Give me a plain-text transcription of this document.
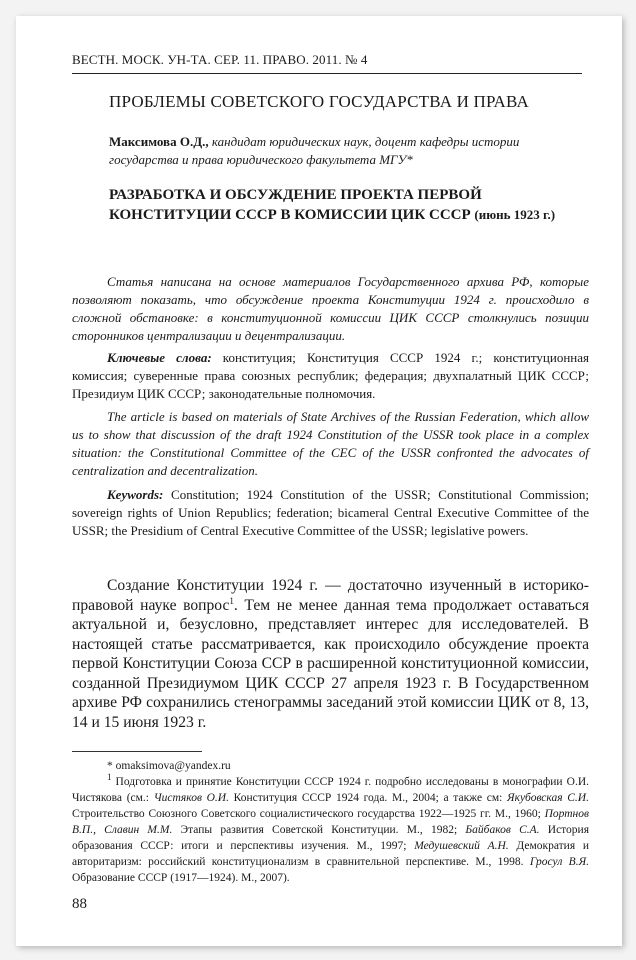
ВЕСТН. МОСК. УН-ТА. СЕР. 11. ПРАВО. 2011. № 4
ПРОБЛЕМЫ СОВЕТСКОГО ГОСУДАРСТВА И ПРАВА
Максимова О.Д., кандидат юридических наук, доцент кафедры истории государства и права юридического факультета МГУ*
РАЗРАБОТКА И ОБСУЖДЕНИЕ ПРОЕКТА ПЕРВОЙ КОНСТИТУЦИИ СССР В КОМИССИИ ЦИК СССР (июнь 1923 г.)
Статья написана на основе материалов Государственного архива РФ, которые позволяют показать, что обсуждение проекта Конституции 1924 г. происходило в сложной обстановке: в конституционной комиссии ЦИК СССР столкнулись позиции сторонников централизации и децентрализации.
Ключевые слова: конституция; Конституция СССР 1924 г.; конституционная комиссия; суверенные права союзных республик; федерация; двухпалатный ЦИК СССР; Президиум ЦИК СССР; законодательные полномочия.
The article is based on materials of State Archives of the Russian Federation, which allow us to show that discussion of the draft 1924 Constitution of the USSR took place in a complex situation: the Constitutional Committee of the CEC of the USSR confronted the advocates of centralization and decentralization.
Keywords: Constitution; 1924 Constitution of the USSR; Constitutional Commission; sovereign rights of Union Republics; federation; bicameral Central Executive Committee of the USSR; the Presidium of Central Executive Committee of the USSR; legislative powers.
Создание Конституции 1924 г. — достаточно изученный в историко-правовой науке вопрос$^1$. Тем не менее данная тема продолжает оставаться актуальной и, безусловно, представляет интерес для исследователей. В настоящей статье рассматривается, как происходило обсуждение проекта первой Конституции Союза ССР в расширенной конституционной комиссии, созданной Президиумом ЦИК СССР 27 апреля 1923 г. В Государственном архиве РФ сохранились стенограммы заседаний этой комиссии ЦИК от 8, 13, 14 и 15 июня 1923 г.

* omaksimova@yandex.ru

$^1$ Подготовка и принятие Конституции СССР 1924 г. подробно исследованы в монографии О.И. Чистякова (см.: Чистяков О.И. Конституция СССР 1924 года. М., 2004; а также см: Якубовская С.И. Строительство Союзного Советского социалистического государства 1922—1925 гг. М., 1960; Портнов В.П., Славин М.М. Этапы развития Советской Конституции. М., 1982; Байбаков С.А. История образования СССР: итоги и перспективы изучения. М., 1997; Медушевский А.Н. Демократия и авторитаризм: российский конституционализм в сравнительной перспективе. М., 1998. Гросул В.Я. Образование СССР (1917—1924). М., 2007).

88
